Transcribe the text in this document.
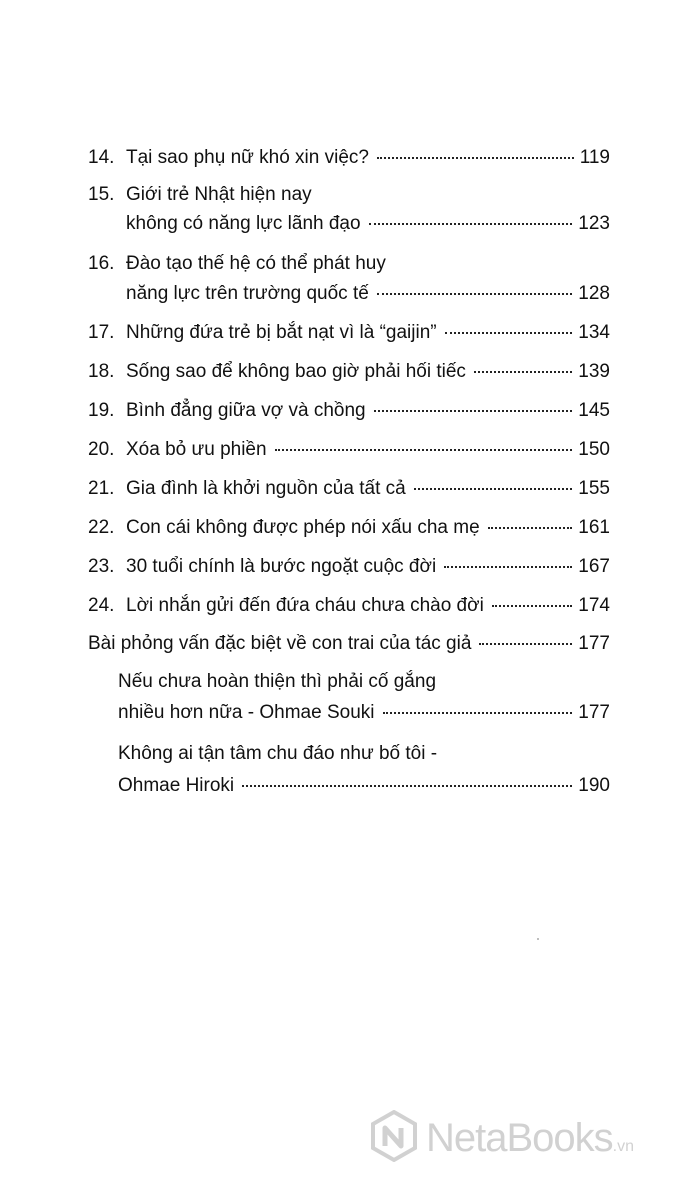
14. Tại sao phụ nữ khó xin việc?	119
15. Giới trẻ Nhật hiện nay
không có năng lực lãnh đạo	123
16. Đào tạo thế hệ có thể phát huy
năng lực trên trường quốc tế	128
17. Những đứa trẻ bị bắt nạt vì là “gaijin”	134
18. Sống sao để không bao giờ phải hối tiếc	139
19. Bình đẳng giữa vợ và chồng	145
20. Xóa bỏ ưu phiền	150
21. Gia đình là khởi nguồn của tất cả	155
22. Con cái không được phép nói xấu cha mẹ	161
23. 30 tuổi chính là bước ngoặt cuộc đời	167
24. Lời nhắn gửi đến đứa cháu chưa chào đời	174
Bài phỏng vấn đặc biệt về con trai của tác giả	177
Nếu chưa hoàn thiện thì phải cố gắng
nhiều hơn nữa - Ohmae Souki	177
Không ai tận tâm chu đáo như bố tôi -
Ohmae Hiroki	190
NetaBooks.vn
